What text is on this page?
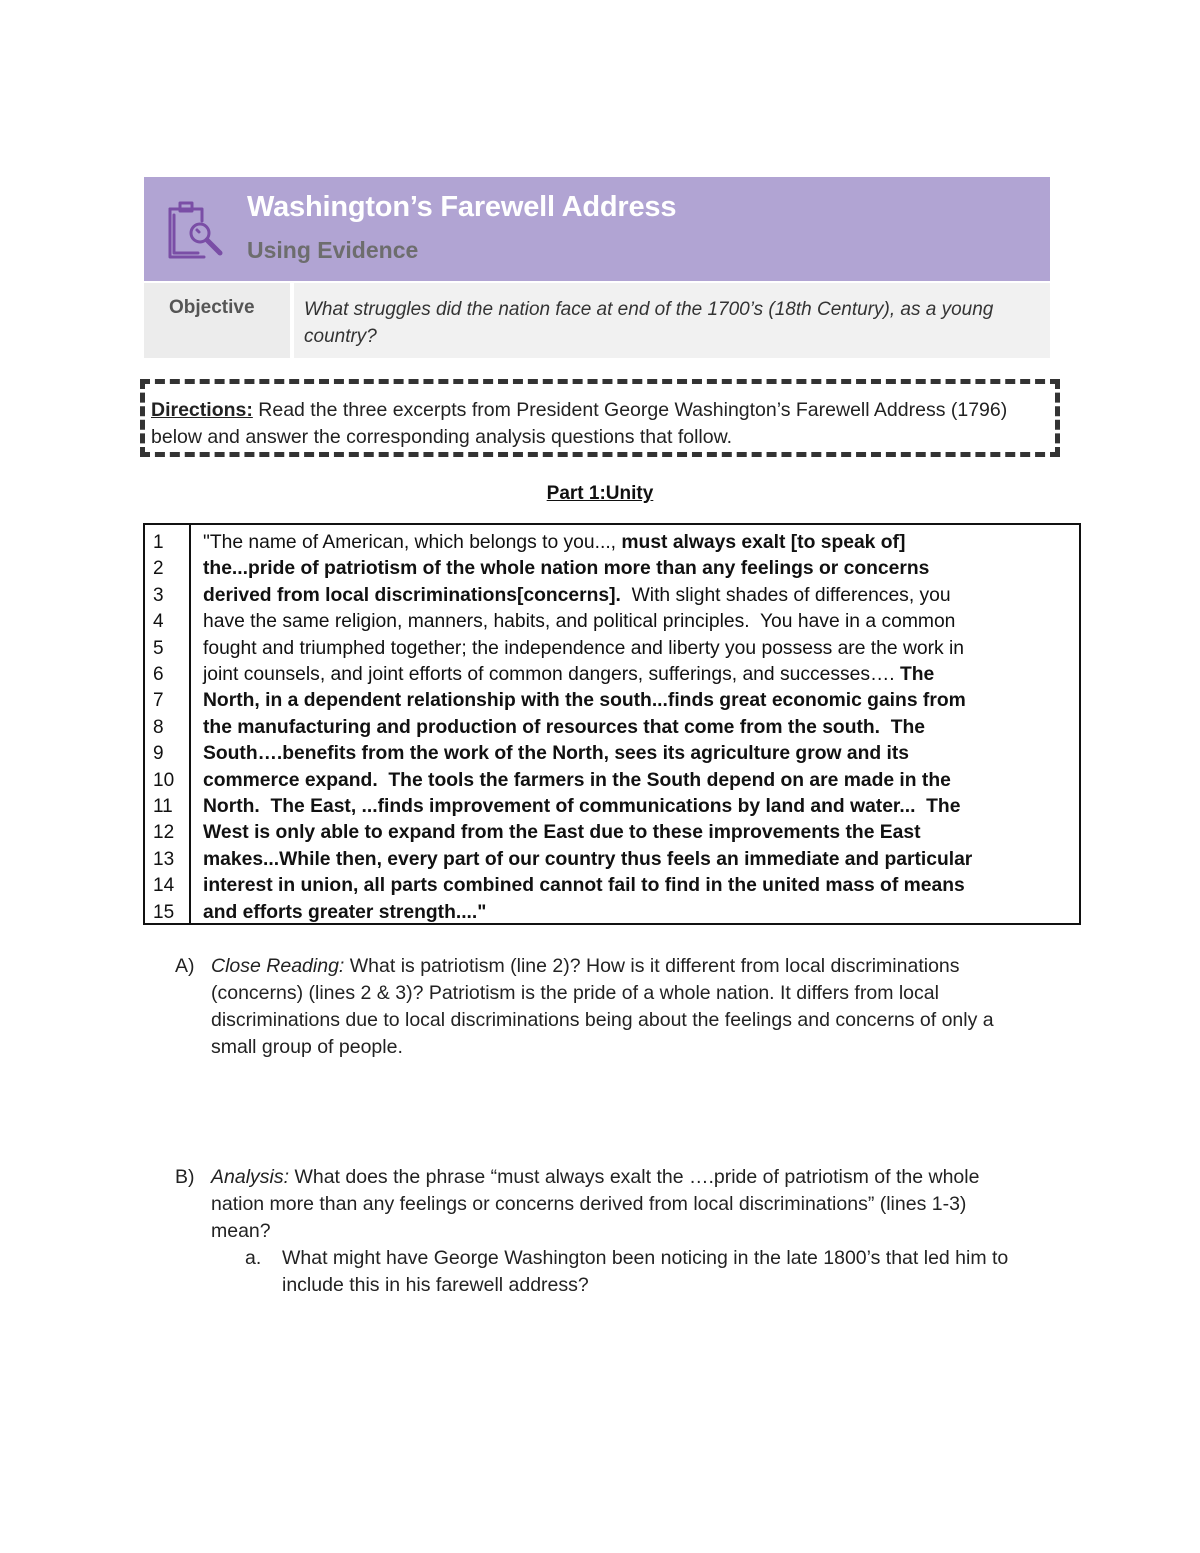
Washington’s Farewell Address
Using Evidence
Objective	What struggles did the nation face at end of the 1700’s (18th Century), as a young country?
Directions: Read the three excerpts from President George Washington’s Farewell Address (1796) below and answer the corresponding analysis questions that follow.
Part 1:Unity
1
2
3
4
5
6
7
8
9
10
11
12
13
14
15
"The name of American, which belongs to you..., must always exalt [to speak of]
the...pride of patriotism of the whole nation more than any feelings or concerns
derived from local discriminations[concerns].  With slight shades of differences, you
have the same religion, manners, habits, and political principles.  You have in a common
fought and triumphed together; the independence and liberty you possess are the work in
joint counsels, and joint efforts of common dangers, sufferings, and successes…. The
North, in a dependent relationship with the south...finds great economic gains from
the manufacturing and production of resources that come from the south.  The
South….benefits from the work of the North, sees its agriculture grow and its
commerce expand.  The tools the farmers in the South depend on are made in the
North.  The East, ...finds improvement of communications by land and water...  The
West is only able to expand from the East due to these improvements the East
makes...While then, every part of our country thus feels an immediate and particular
interest in union, all parts combined cannot fail to find in the united mass of means
and efforts greater strength...."
A) Close Reading: What is patriotism (line 2)? How is it different from local discriminations (concerns) (lines 2 & 3)? Patriotism is the pride of a whole nation. It differs from local discriminations due to local discriminations being about the feelings and concerns of only a small group of people.
B) Analysis: What does the phrase “must always exalt the ….pride of patriotism of the whole nation more than any feelings or concerns derived from local discriminations” (lines 1-3) mean?
a. What might have George Washington been noticing in the late 1800’s that led him to include this in his farewell address?
